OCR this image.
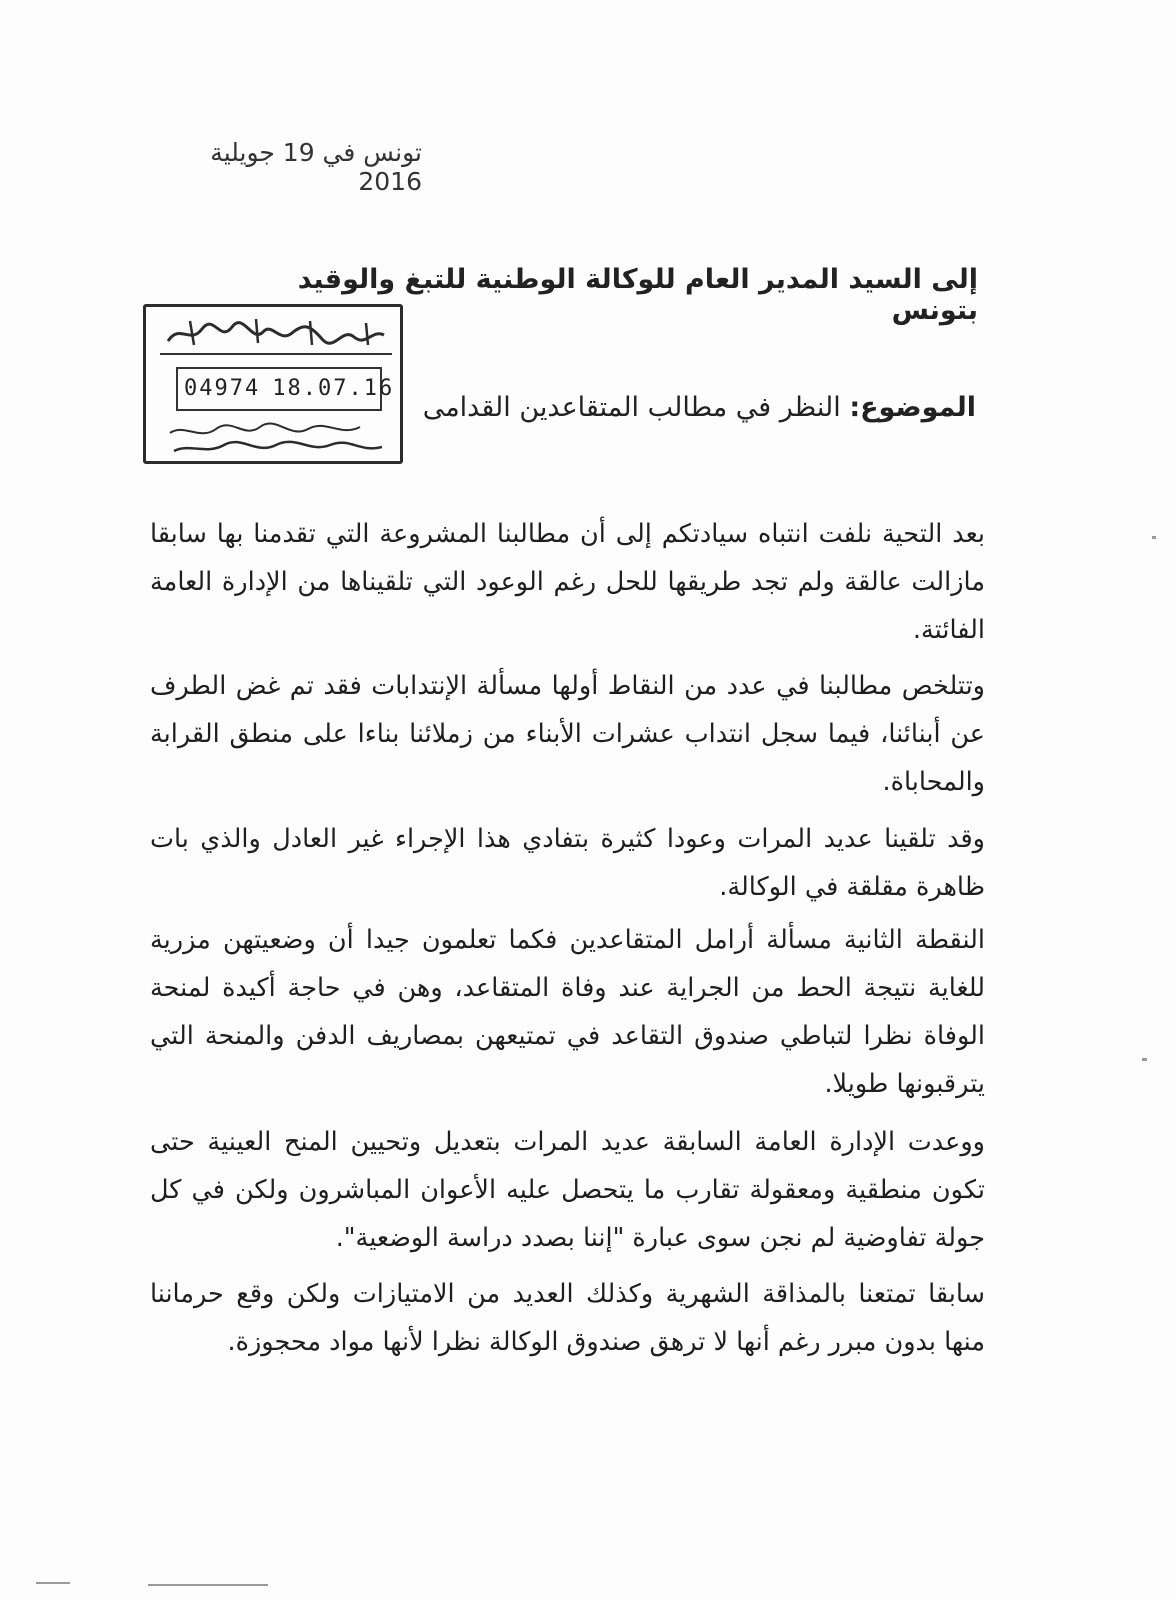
تونس في 19 جويلية 2016
إلى السيد المدير العام للوكالة الوطنية للتبغ والوقيد بتونس
04974 18.07.16
الموضوع: النظر في مطالب المتقاعدين القدامى
بعد التحية نلفت انتباه سيادتكم إلى أن مطالبنا المشروعة التي تقدمنا بها سابقا مازالت عالقة ولم تجد طريقها للحل رغم الوعود التي تلقيناها من الإدارة العامة الفائتة.
وتتلخص مطالبنا في عدد من النقاط أولها مسألة الإنتدابات فقد تم غض الطرف عن أبنائنا، فيما سجل انتداب عشرات الأبناء من زملائنا بناءا على منطق القرابة والمحاباة.
وقد تلقينا عديد المرات وعودا كثيرة بتفادي هذا الإجراء غير العادل والذي بات ظاهرة مقلقة في الوكالة.
النقطة الثانية مسألة أرامل المتقاعدين فكما تعلمون جيدا أن وضعيتهن مزرية للغاية نتيجة الحط من الجراية عند وفاة المتقاعد، وهن في حاجة أكيدة لمنحة الوفاة نظرا لتباطي صندوق التقاعد في تمتيعهن بمصاريف الدفن والمنحة التي يترقبونها طويلا.
ووعدت الإدارة العامة السابقة عديد المرات بتعديل وتحيين المنح العينية حتى تكون منطقية ومعقولة تقارب ما يتحصل عليه الأعوان المباشرون ولكن في كل جولة تفاوضية لم نجن سوى عبارة "إننا بصدد دراسة الوضعية".
سابقا تمتعنا بالمذاقة الشهرية وكذلك العديد من الامتيازات ولكن وقع حرماننا منها بدون مبرر رغم أنها لا ترهق صندوق الوكالة نظرا لأنها مواد محجوزة.
